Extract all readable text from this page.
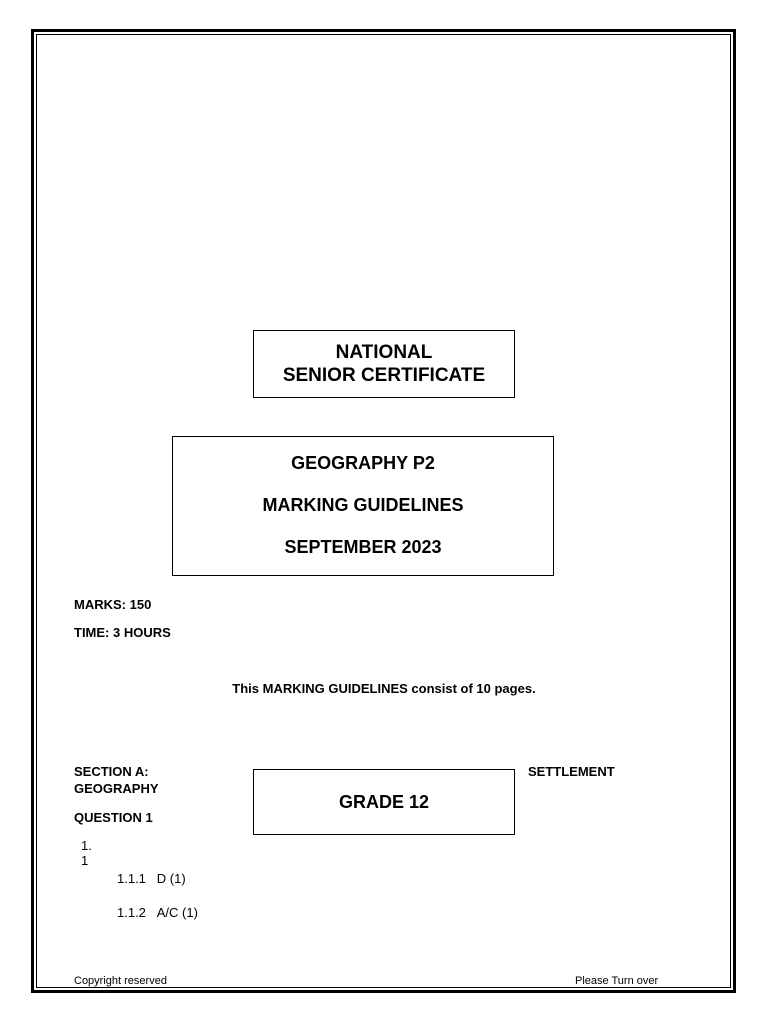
NATIONAL
SENIOR CERTIFICATE
GEOGRAPHY P2
MARKING GUIDELINES
SEPTEMBER 2023
MARKS: 150
TIME: 3 HOURS
This MARKING GUIDELINES consist of 10 pages.
SECTION A:
GEOGRAPHY
SETTLEMENT
GRADE 12
QUESTION 1
1.
1
1.1.1 D (1)
1.1.2 A/C (1)
Copyright reserved	Please Turn over
